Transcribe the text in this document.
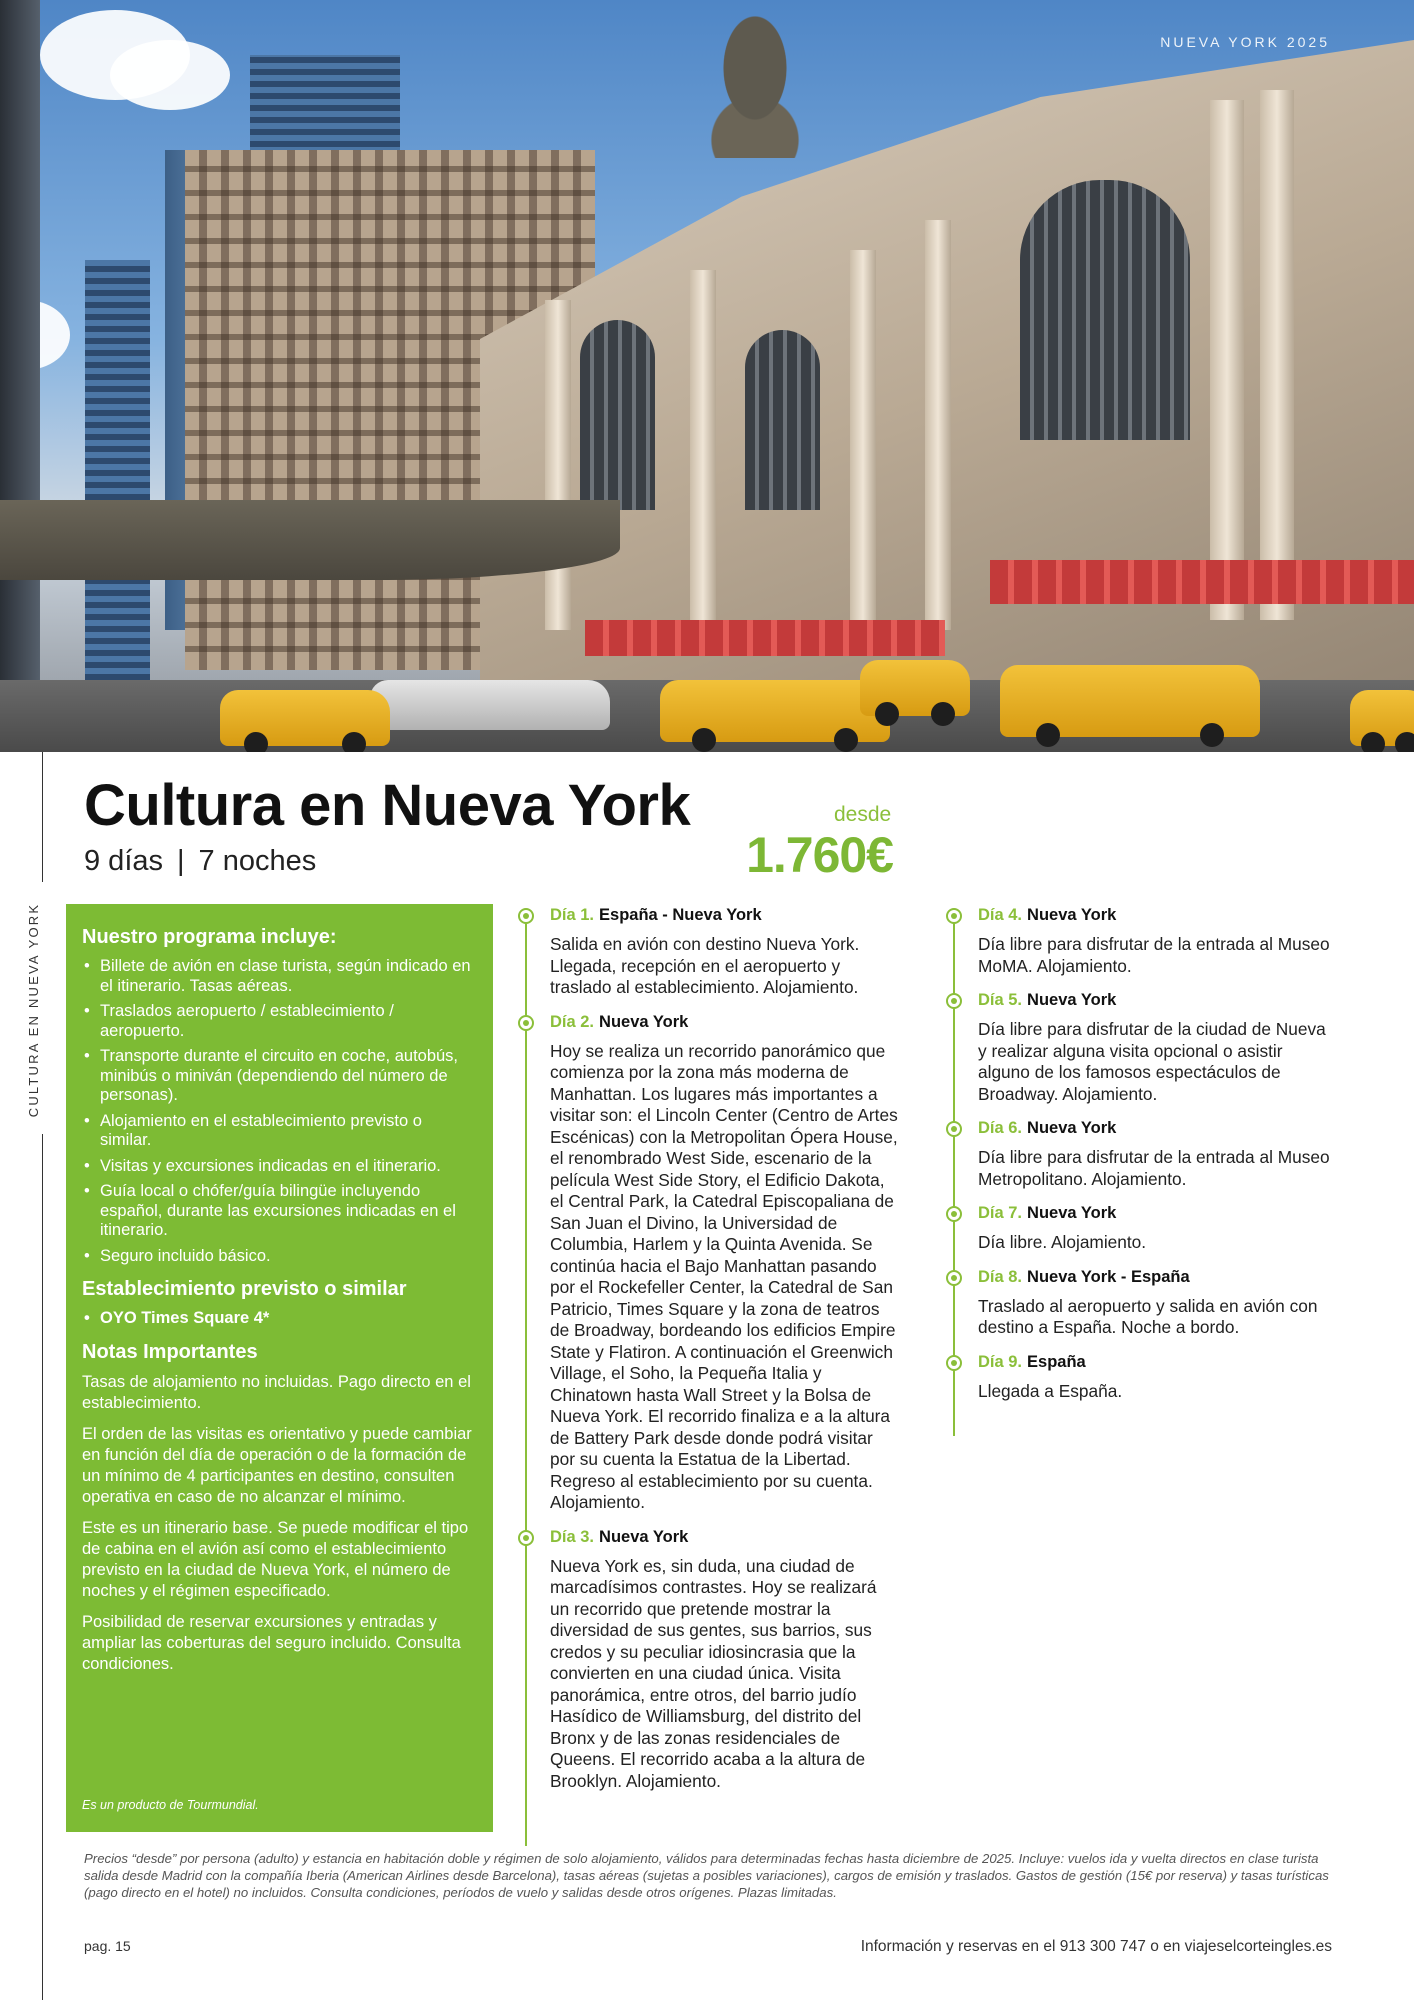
NUEVA YORK 2025
CULTURA EN NUEVA YORK
Cultura en Nueva York
9 días | 7 noches
desde
1.760€
Nuestro programa incluye:
• Billete de avión en clase turista, según indicado en el itinerario. Tasas aéreas.
• Traslados aeropuerto / establecimiento / aeropuerto.
• Transporte durante el circuito en coche, autobús, minibús o miniván (dependiendo del número de personas).
• Alojamiento en el establecimiento previsto o similar.
• Visitas y excursiones indicadas en el itinerario.
• Guía local o chófer/guía bilingüe incluyendo español, durante las excursiones indicadas en el itinerario.
• Seguro incluido básico.
Establecimiento previsto o similar
• OYO Times Square 4*
Notas Importantes

Tasas de alojamiento no incluidas. Pago directo en el establecimiento.

El orden de las visitas es orientativo y puede cambiar en función del día de operación o de la formación de un mínimo de 4 participantes en destino, consulten operativa en caso de no alcanzar el mínimo.

Este es un itinerario base. Se puede modificar el tipo de cabina en el avión así como el establecimiento previsto en la ciudad de Nueva York, el número de noches y el régimen especificado.

Posibilidad de reservar excursiones y entradas y ampliar las coberturas del seguro incluido. Consulta condiciones.

Es un producto de Tourmundial.
Día 1. España - Nueva York

Salida en avión con destino Nueva York. Llegada, recepción en el aeropuerto y traslado al establecimiento. Alojamiento.

Día 2. Nueva York

Hoy se realiza un recorrido panorámico que comienza por la zona más moderna de Manhattan. Los lugares más importantes a visitar son: el Lincoln Center (Centro de Artes Escénicas) con la Metropolitan Ópera House, el renombrado West Side, escenario de la película West Side Story, el Edificio Dakota, el Central Park, la Catedral Episcopaliana de San Juan el Divino, la Universidad de Columbia, Harlem y la Quinta Avenida. Se continúa hacia el Bajo Manhattan pasando por el Rockefeller Center, la Catedral de San Patricio, Times Square y la zona de teatros de Broadway, bordeando los edificios Empire State y Flatiron. A continuación el Greenwich Village, el Soho, la Pequeña Italia y Chinatown hasta Wall Street y la Bolsa de Nueva York. El recorrido finaliza e a la altura de Battery Park desde donde podrá visitar por su cuenta la Estatua de la Libertad. Regreso al establecimiento por su cuenta. Alojamiento.

Día 3. Nueva York

Nueva York es, sin duda, una ciudad de marcadísimos contrastes. Hoy se realizará un recorrido que pretende mostrar la diversidad de sus gentes, sus barrios, sus credos y su peculiar idiosincrasia que la convierten en una ciudad única. Visita panorámica, entre otros, del barrio judío Hasídico de Williamsburg, del distrito del Bronx y de las zonas residenciales de Queens. El recorrido acaba a la altura de Brooklyn. Alojamiento.

Día 4. Nueva York

Día libre para disfrutar de la entrada al Museo MoMA. Alojamiento.

Día 5. Nueva York

Día libre para disfrutar de la ciudad de Nueva y realizar alguna visita opcional o asistir alguno de los famosos espectáculos de Broadway. Alojamiento.

Día 6. Nueva York

Día libre para disfrutar de la entrada al Museo Metropolitano. Alojamiento.

Día 7. Nueva York

Día libre. Alojamiento.

Día 8. Nueva York - España

Traslado al aeropuerto y salida en avión con destino a España. Noche a bordo.

Día 9. España

Llegada a España.

Precios “desde” por persona (adulto) y estancia en habitación doble y régimen de solo alojamiento, válidos para determinadas fechas hasta diciembre de 2025. Incluye: vuelos ida y vuelta directos en clase turista salida desde Madrid con la compañía Iberia (American Airlines desde Barcelona), tasas aéreas (sujetas a posibles variaciones), cargos de emisión y traslados. Gastos de gestión (15€ por reserva) y tasas turísticas (pago directo en el hotel) no incluidos. Consulta condiciones, períodos de vuelo y salidas desde otros orígenes. Plazas limitadas.
pag. 15	Información y reservas en el 913 300 747 o en viajeselcorteingles.es
